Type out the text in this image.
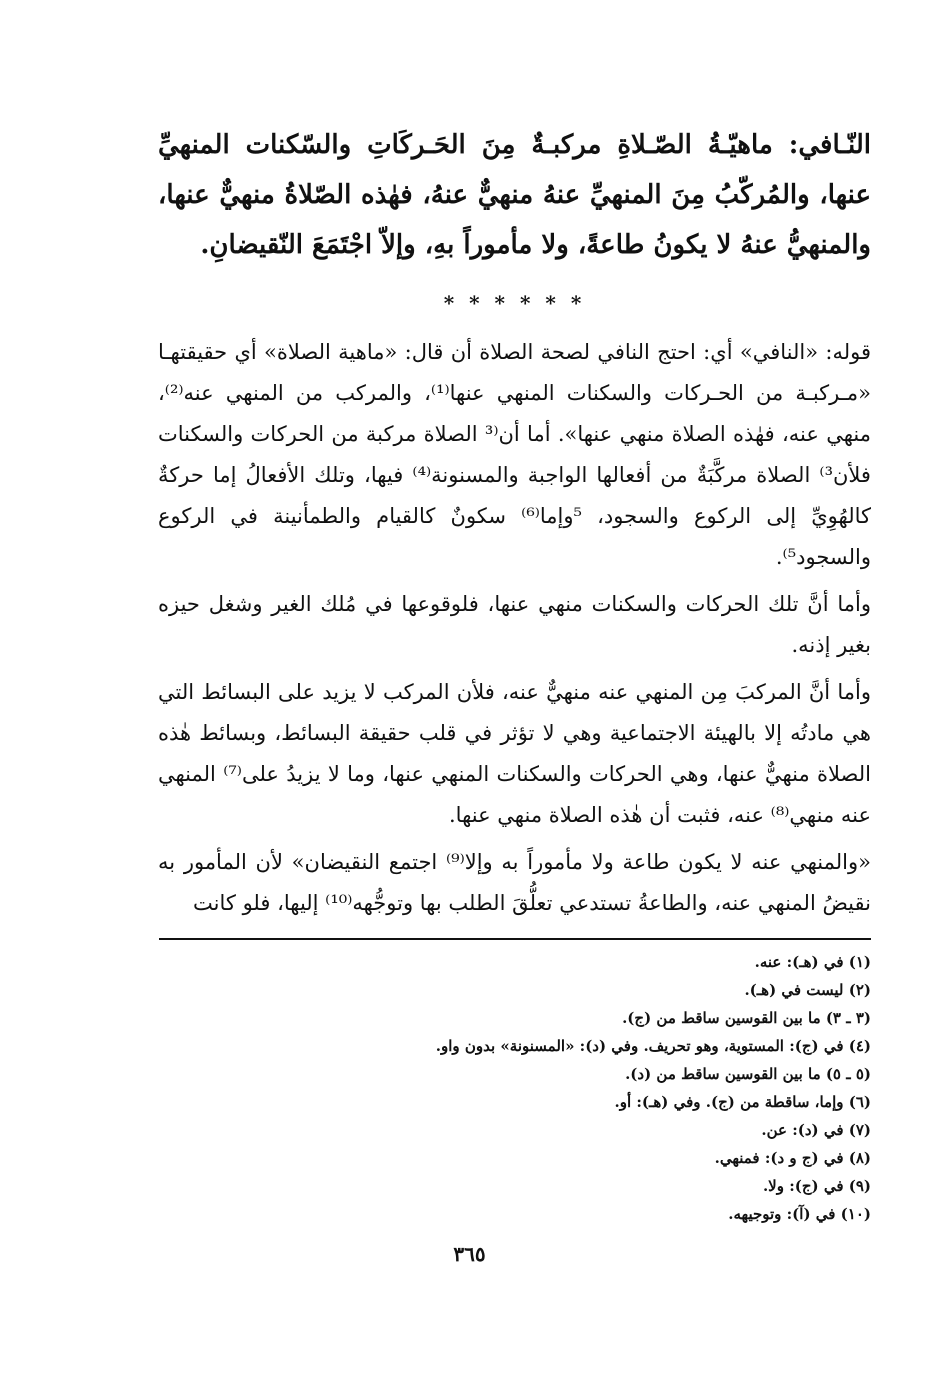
النّـافي: ماهيّـةُ الصّـلاةِ مركبـةٌ مِنَ الحَـركَاتِ والسّكنات المنهيِّ عنها، والمُركّبُ مِنَ المنهيِّ عنهُ منهيٌّ عنهُ، فهٰذه الصّلاةُ منهيٌّ عنها، والمنهيُّ عنهُ لا يكونُ طاعةً، ولا مأموراً بهِ، وإلاّ اجْتَمَعَ النّقيضانِ.

* * * * * *

قوله: «النافي» أي: احتج النافي لصحة الصلاة أن قال: «ماهية الصلاة» أي حقيقتهـا «مـركبـة من الحـركات والسكنات المنهي عنها⁽¹⁾، والمركب من المنهي عنه⁽²⁾، منهي عنه، فهٰذه الصلاة منهي عنها». أما أن⁽³ الصلاة مركبة من الحركات والسكنات فلأن³⁾ الصلاة مركَّبَةٌ من أفعالها الواجبة والمسنونة⁽⁴⁾ فيها، وتلك الأفعالُ إما حركةٌ كالهُوِيِّ إلى الركوع والسجود، ⁵وإما⁽⁶⁾ سكونٌ كالقيام والطمأنينة في الركوع والسجود⁵⁾.

وأما أنَّ تلك الحركات والسكنات منهي عنها، فلوقوعها في مُلك الغير وشغل حيزه بغير إذنه.

وأما أنَّ المركبَ مِن المنهي عنه منهيٌّ عنه، فلأن المركب لا يزيد على البسائط التي هي مادتُه إلا بالهيئة الاجتماعية وهي لا تؤثر في قلب حقيقة البسائط، وبسائط هٰذه الصلاة منهيٌّ عنها، وهي الحركات والسكنات المنهي عنها، وما لا يزيدُ على⁽⁷⁾ المنهي عنه منهي⁽⁸⁾ عنه، فثبت أن هٰذه الصلاة منهي عنها.

«والمنهي عنه لا يكون طاعة ولا مأموراً به وإلا⁽⁹⁾ اجتمع النقيضان» لأن المأمور به نقيضُ المنهي عنه، والطاعةُ تستدعي تعلُّقَ الطلب بها وتوجُّهه⁽¹⁰⁾ إليها، فلو كانت

(١) في (هـ): عنه.
(٢) ليست في (هـ).
(٣ ـ ٣) ما بين القوسين ساقط من (ج).
(٤) في (ج): المستوية، وهو تحريف. وفي (د): «المسنونة» بدون واو.
(٥ ـ ٥) ما بين القوسين ساقط من (د).
(٦) وإما، ساقطة من (ج). وفي (هـ): أو.
(٧) في (د): عن.
(٨) في (ج و د): فمنهي.
(٩) في (ج): ولا.
(١٠) في (آ): وتوجيهه.
٣٦٥
